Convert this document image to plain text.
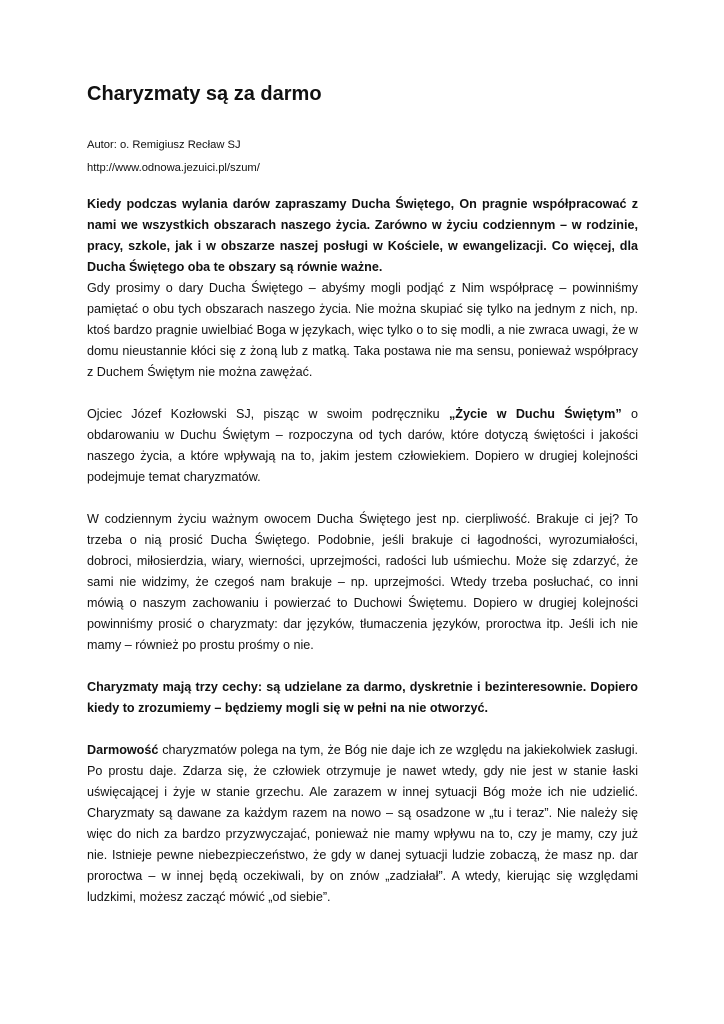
Charyzmaty są za darmo

Autor: o. Remigiusz Recław SJ

http://www.odnowa.jezuici.pl/szum/

Kiedy podczas wylania darów zapraszamy Ducha Świętego, On pragnie współpracować z nami we wszystkich obszarach naszego życia. Zarówno w życiu codziennym – w rodzinie, pracy, szkole, jak i w obszarze naszej posługi w Kościele, w ewangelizacji. Co więcej, dla Ducha Świętego oba te obszary są równie ważne.

Gdy prosimy o dary Ducha Świętego – abyśmy mogli podjąć z Nim współpracę – powinniśmy pamiętać o obu tych obszarach naszego życia. Nie można skupiać się tylko na jednym z nich, np. ktoś bardzo pragnie uwielbiać Boga w językach, więc tylko o to się modli, a nie zwraca uwagi, że w domu nieustannie kłóci się z żoną lub z matką. Taka postawa nie ma sensu, ponieważ współpracy z Duchem Świętym nie można zawężać.

Ojciec Józef Kozłowski SJ, pisząc w swoim podręczniku „Życie w Duchu Świętym” o obdarowaniu w Duchu Świętym – rozpoczyna od tych darów, które dotyczą świętości i jakości naszego życia, a które wpływają na to, jakim jestem człowiekiem. Dopiero w drugiej kolejności podejmuje temat charyzmatów.

W codziennym życiu ważnym owocem Ducha Świętego jest np. cierpliwość. Brakuje ci jej? To trzeba o nią prosić Ducha Świętego. Podobnie, jeśli brakuje ci łagodności, wyrozumiałości, dobroci, miłosierdzia, wiary, wierności, uprzejmości, radości lub uśmiechu. Może się zdarzyć, że sami nie widzimy, że czegoś nam brakuje – np. uprzejmości. Wtedy trzeba posłuchać, co inni mówią o naszym zachowaniu i powierzać to Duchowi Świętemu. Dopiero w drugiej kolejności powinniśmy prosić o charyzmaty: dar języków, tłumaczenia języków, proroctwa itp. Jeśli ich nie mamy – również po prostu prośmy o nie.

Charyzmaty mają trzy cechy: są udzielane za darmo, dyskretnie i bezinteresownie. Dopiero kiedy to zrozumiemy – będziemy mogli się w pełni na nie otworzyć.

Darmowość charyzmatów polega na tym, że Bóg nie daje ich ze względu na jakiekolwiek zasługi. Po prostu daje. Zdarza się, że człowiek otrzymuje je nawet wtedy, gdy nie jest w stanie łaski uświęcającej i żyje w stanie grzechu. Ale zarazem w innej sytuacji Bóg może ich nie udzielić. Charyzmaty są dawane za każdym razem na nowo – są osadzone w „tu i teraz”. Nie należy się więc do nich za bardzo przyzwyczajać, ponieważ nie mamy wpływu na to, czy je mamy, czy już nie. Istnieje pewne niebezpieczeństwo, że gdy w danej sytuacji ludzie zobaczą, że masz np. dar proroctwa – w innej będą oczekiwali, by on znów „zadziałał”. A wtedy, kierując się względami ludzkimi, możesz zacząć mówić „od siebie”.
